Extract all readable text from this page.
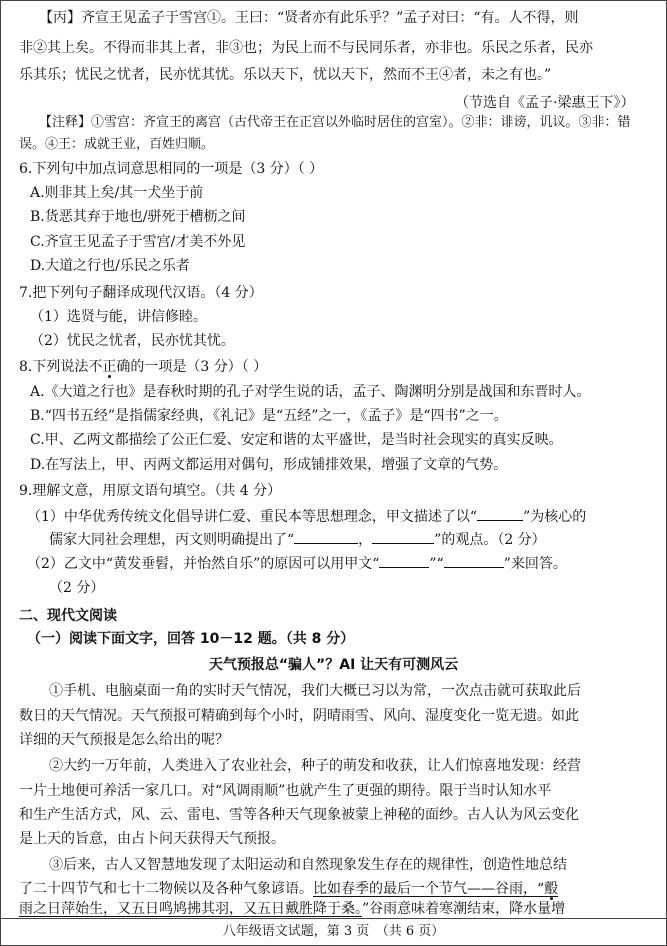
【丙】齐宣王见孟子于雪宫①。王曰：“贤者亦有此乐乎？”孟子对曰：“有。人不得，则
非②其上矣。不得而非其上者，非③也；为民上而不与民同乐者，亦非也。乐民之乐者，民亦
乐其乐；忧民之忧者，民亦忧其忧。乐以天下，忧以天下，然而不王④者，未之有也。”
（节选自《孟子·梁惠王下》）
【注释】①雪宫：齐宣王的离宫（古代帝王在正宫以外临时居住的宫室）。②非：诽谤，讥议。③非：错
误。④王：成就王业，百姓归顺。
6.下列句中加点词意思相同的一项是（3 分）（ ）
A.则非其上矣/其一犬坐于前
B.货恶其弃于地也/骈死于槽枥之间
C.齐宣王见孟子于雪宫/才美不外见
D.大道之行也/乐民之乐者
7.把下列句子翻译成现代汉语。（4 分）
（1）选贤与能，讲信修睦。
（2）忧民之忧者，民亦忧其忧。
8.下列说法不正确的一项是（3 分）（ ）
A.《大道之行也》是春秋时期的孔子对学生说的话，孟子、陶渊明分别是战国和东晋时人。
B.“四书五经”是指儒家经典，《礼记》是“五经”之一，《孟子》是“四书”之一。
C.甲、乙两文都描绘了公正仁爱、安定和谐的太平盛世，是当时社会现实的真实反映。
D.在写法上，甲、丙两文都运用对偶句，形成铺排效果，增强了文章的气势。
9.理解文意，用原文语句填空。（共 4 分）
（1）中华优秀传统文化倡导讲仁爱、重民本等思想理念，甲文描述了以“	”为核心的
儒家大同社会理想，丙文则明确提出了“	，	”的观点。（2 分）
（2）乙文中“黄发垂髫，并怡然自乐”的原因可以用甲文“	”“	”来回答。
（2 分）
二、现代文阅读
（一）阅读下面文字，回答 10－12 题。（共 8 分）
天气预报总“骗人”？AI 让天有可测风云
①手机、电脑桌面一角的实时天气情况，我们大概已习以为常，一次点击就可获取此后
数日的天气情况。天气预报可精确到每个小时，阴晴雨雪、风向、湿度变化一览无遗。如此
详细的天气预报是怎么给出的呢？
②大约一万年前，人类进入了农业社会，种子的萌发和收获，让人们惊喜地发现：经营
一片土地便可养活一家几口。对“风调雨顺”也就产生了更强的期待。限于当时认知水平
和生产生活方式，风、云、雷电、雪等各种天气现象被蒙上神秘的面纱。古人认为风云变化
是上天的旨意，由占卜问天获得天气预报。
③后来，古人又智慧地发现了太阳运动和自然现象发生存在的规律性，创造性地总结
了二十四节气和七十二物候以及各种气象谚语。比如春季的最后一个节气——谷雨，“鷇
雨之日萍始生，又五日鸣鸠拂其羽，又五日戴胜降于桑。”谷雨意味着寒潮结束，降水量增
八年级语文试题，第 3 页　（共 6 页）
